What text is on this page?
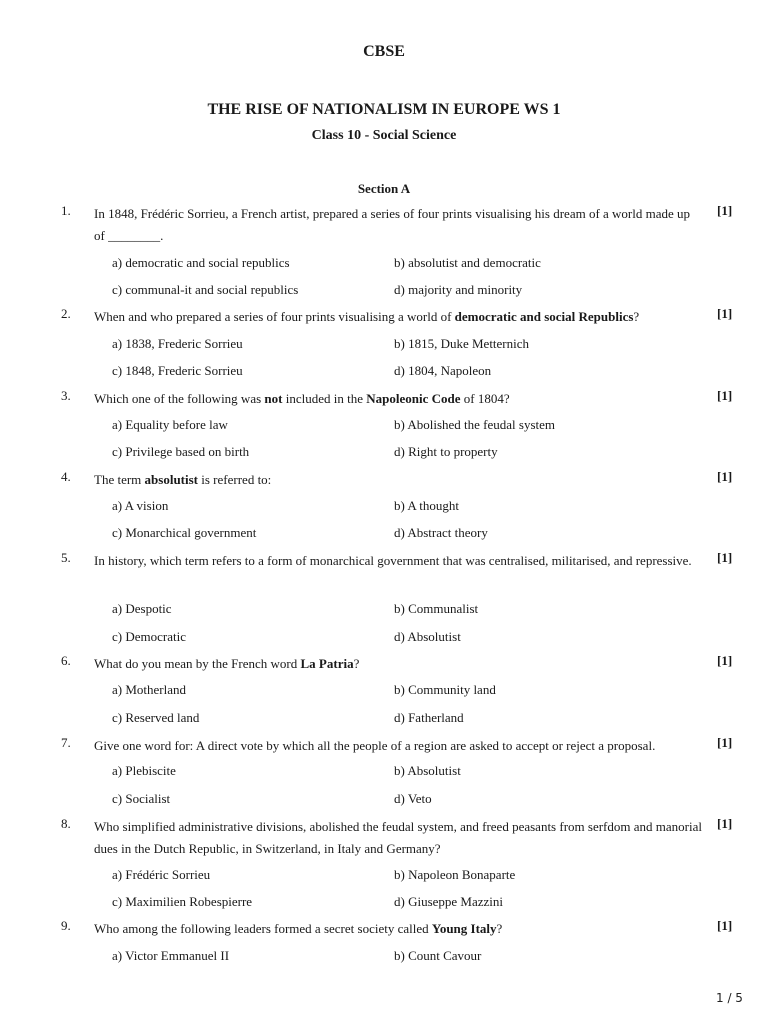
CBSE
THE RISE OF NATIONALISM IN EUROPE WS 1
Class 10 - Social Science
Section A
1. In 1848, Frédéric Sorrieu, a French artist, prepared a series of four prints visualising his dream of a world made up of ________.
[1]
a) democratic and social republics	b) absolutist and democratic
c) communal-it and social republics	d) majority and minority
2. When and who prepared a series of four prints visualising a world of democratic and social Republics?	[1]
a) 1838, Frederic Sorrieu	b) 1815, Duke Metternich
c) 1848, Frederic Sorrieu	d) 1804, Napoleon
3. Which one of the following was not included in the Napoleonic Code of 1804?	[1]
a) Equality before law	b) Abolished the feudal system
c) Privilege based on birth	d) Right to property
4. The term absolutist is referred to:	[1]
a) A vision	b) A thought
c) Monarchical government	d) Abstract theory
5. In history, which term refers to a form of monarchical government that was centralised, militarised, and repressive.	[1]
a) Despotic	b) Communalist
c) Democratic	d) Absolutist
6. What do you mean by the French word La Patria?	[1]
a) Motherland	b) Community land
c) Reserved land	d) Fatherland
7. Give one word for: A direct vote by which all the people of a region are asked to accept or reject a proposal.	[1]
a) Plebiscite	b) Absolutist
c) Socialist	d) Veto
8. Who simplified administrative divisions, abolished the feudal system, and freed peasants from serfdom and manorial dues in the Dutch Republic, in Switzerland, in Italy and Germany?
[1]
a) Frédéric Sorrieu	b) Napoleon Bonaparte
c) Maximilien Robespierre	d) Giuseppe Mazzini
9. Who among the following leaders formed a secret society called Young Italy?	[1]
a) Victor Emmanuel II	b) Count Cavour
1 / 5
